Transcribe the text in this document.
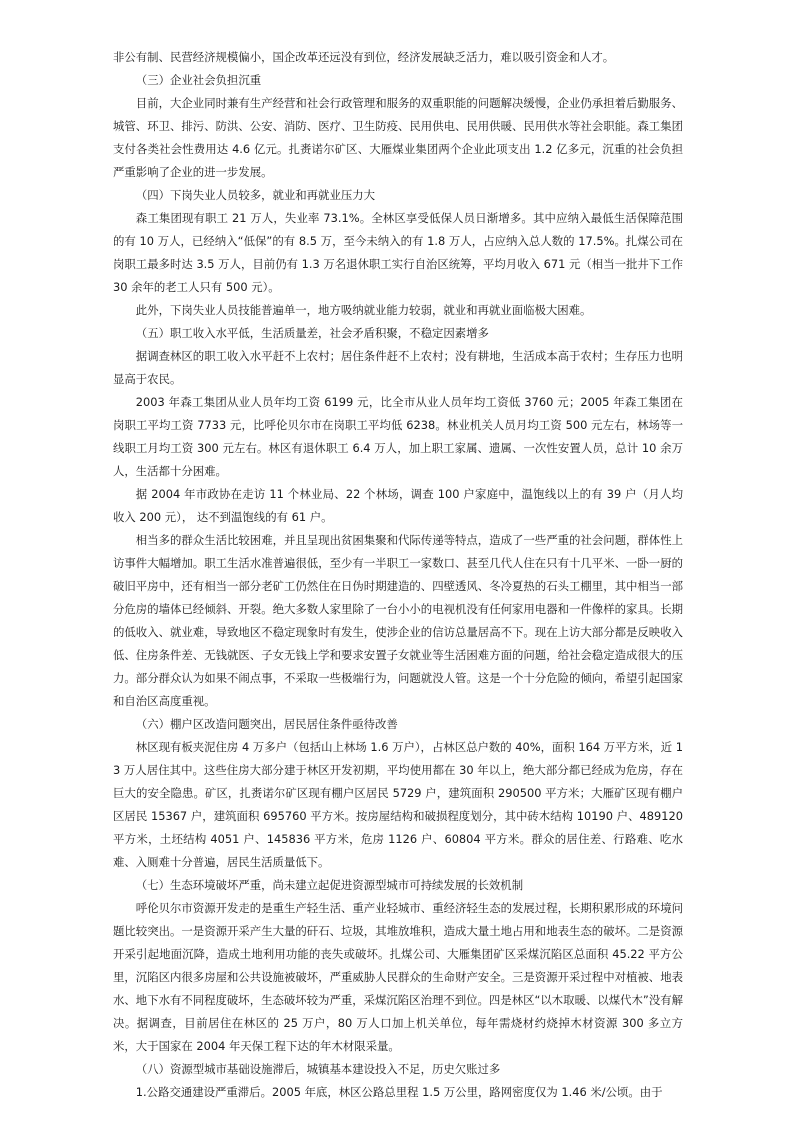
非公有制、民营经济规模偏小，国企改革还远没有到位，经济发展缺乏活力，难以吸引资金和人才。

（三）企业社会负担沉重

目前，大企业同时兼有生产经营和社会行政管理和服务的双重职能的问题解决缓慢，企业仍承担着后勤服务、城管、环卫、排污、防洪、公安、消防、医疗、卫生防疫、民用供电、民用供暖、民用供水等社会职能。森工集团支付各类社会性费用达 4.6 亿元。扎赉诺尔矿区、大雁煤业集团两个企业此项支出 1.2 亿多元，沉重的社会负担严重影响了企业的进一步发展。

（四）下岗失业人员较多，就业和再就业压力大

森工集团现有职工 21 万人，失业率 73.1%。全林区享受低保人员日渐增多。其中应纳入最低生活保障范围的有 10 万人，已经纳入“低保”的有 8.5 万，至今未纳入的有 1.8 万人，占应纳入总人数的 17.5%。扎煤公司在岗职工最多时达 3.5 万人，目前仍有 1.3 万名退休职工实行自治区统筹，平均月收入 671 元（相当一批井下工作 30 余年的老工人只有 500 元）。

此外，下岗失业人员技能普遍单一，地方吸纳就业能力较弱，就业和再就业面临极大困难。

（五）职工收入水平低，生活质量差，社会矛盾积聚，不稳定因素增多

据调查林区的职工收入水平赶不上农村；居住条件赶不上农村；没有耕地，生活成本高于农村；生存压力也明显高于农民。

2003 年森工集团从业人员年均工资 6199 元，比全市从业人员年均工资低 3760 元；2005 年森工集团在岗职工平均工资 7733 元，比呼伦贝尔市在岗职工平均低 6238。林业机关人员月均工资 500 元左右，林场等一线职工月均工资 300 元左右。林区有退休职工 6.4 万人，加上职工家属、遗属、一次性安置人员，总计 10 余万人，生活都十分困难。

据 2004 年市政协在走访 11 个林业局、22 个林场，调查 100 户家庭中，温饱线以上的有 39 户（月人均收入 200 元）， 达不到温饱线的有 61 户。

相当多的群众生活比较困难，并且呈现出贫困集聚和代际传递等特点，造成了一些严重的社会问题，群体性上访事件大幅增加。职工生活水准普遍很低，至少有一半职工一家数口、甚至几代人住在只有十几平米、一卧一厨的破旧平房中，还有相当一部分老矿工仍然住在日伪时期建造的、四壁透风、冬冷夏热的石头工棚里，其中相当一部分危房的墙体已经倾斜、开裂。绝大多数人家里除了一台小小的电视机没有任何家用电器和一件像样的家具。长期的低收入、就业难，导致地区不稳定现象时有发生，使涉企业的信访总量居高不下。现在上访大部分都是反映收入低、住房条件差、无钱就医、子女无钱上学和要求安置子女就业等生活困难方面的问题，给社会稳定造成很大的压力。部分群众认为如果不闹点事，不采取一些极端行为，问题就没人管。这是一个十分危险的倾向，希望引起国家和自治区高度重视。

（六）棚户区改造问题突出，居民居住条件亟待改善

林区现有板夹泥住房 4 万多户（包括山上林场 1.6 万户），占林区总户数的 40%，面积 164 万平方米，近 13 万人居住其中。这些住房大部分建于林区开发初期，平均使用都在 30 年以上，绝大部分都已经成为危房，存在巨大的安全隐患。矿区，扎赉诺尔矿区现有棚户区居民 5729 户，建筑面积 290500 平方米；大雁矿区现有棚户区居民 15367 户，建筑面积 695760 平方米。按房屋结构和破损程度划分，其中砖木结构 10190 户、489120 平方米，土坯结构 4051 户、145836 平方米，危房 1126 户、60804 平方米。群众的居住差、行路难、吃水难、入厕难十分普遍，居民生活质量低下。

（七）生态环境破坏严重，尚未建立起促进资源型城市可持续发展的长效机制

呼伦贝尔市资源开发走的是重生产轻生活、重产业轻城市、重经济轻生态的发展过程，长期积累形成的环境问题比较突出。一是资源开采产生大量的矸石、垃圾，其堆放堆积，造成大量土地占用和地表生态的破坏。二是资源开采引起地面沉降，造成土地利用功能的丧失或破坏。扎煤公司、大雁集团矿区采煤沉陷区总面积 45.22 平方公里，沉陷区内很多房屋和公共设施被破坏，严重威胁人民群众的生命财产安全。三是资源开采过程中对植被、地表水、地下水有不同程度破坏，生态破坏较为严重，采煤沉陷区治理不到位。四是林区“以木取暖、以煤代木”没有解决。据调查，目前居住在林区的 25 万户，80 万人口加上机关单位，每年需烧材约烧掉木材资源 300 多立方米，大于国家在 2004 年天保工程下达的年木材限采量。

（八）资源型城市基础设施滞后，城镇基本建设投入不足，历史欠账过多

1.公路交通建设严重滞后。2005 年底，林区公路总里程 1.5 万公里，路网密度仅为 1.46 米/公顷。由于
